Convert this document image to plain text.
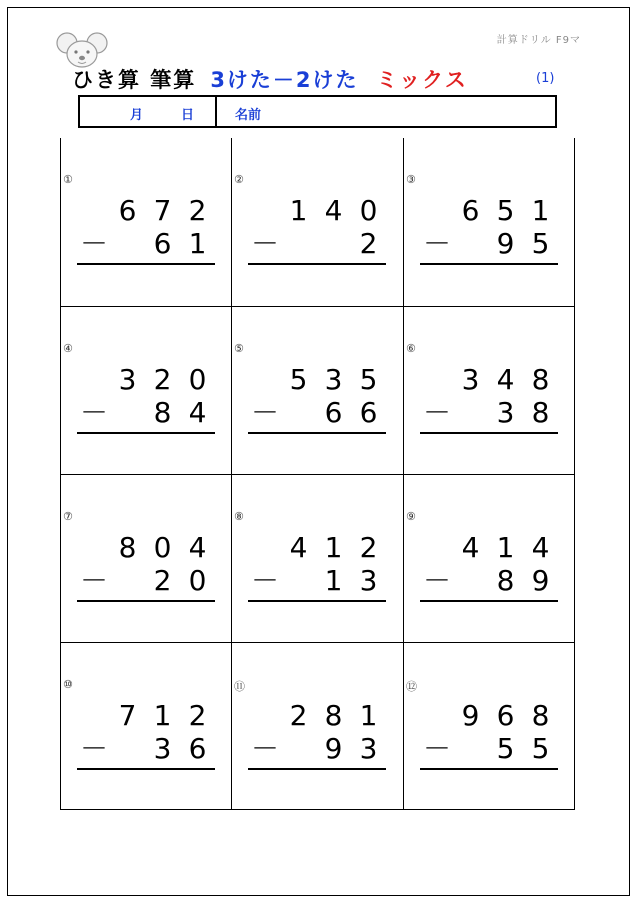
計算ドリル F9マ
ひき算 筆算 3けた－2けた ミックス	(1)
月	日	名前
①
6 7 2
－	6 1
②
1 4 0
－	2
③
6 5 1
－	9 5
④
3 2 0
－	8 4
⑤
5 3 5
－	6 6
⑥
3 4 8
－	3 8
⑦
8 0 4
－	2 0
⑧
4 1 2
－	1 3
⑨
4 1 4
－	8 9
⑩
7 1 2
－	3 6
⑪
2 8 1
－	9 3
⑫
9 6 8
－	5 5
